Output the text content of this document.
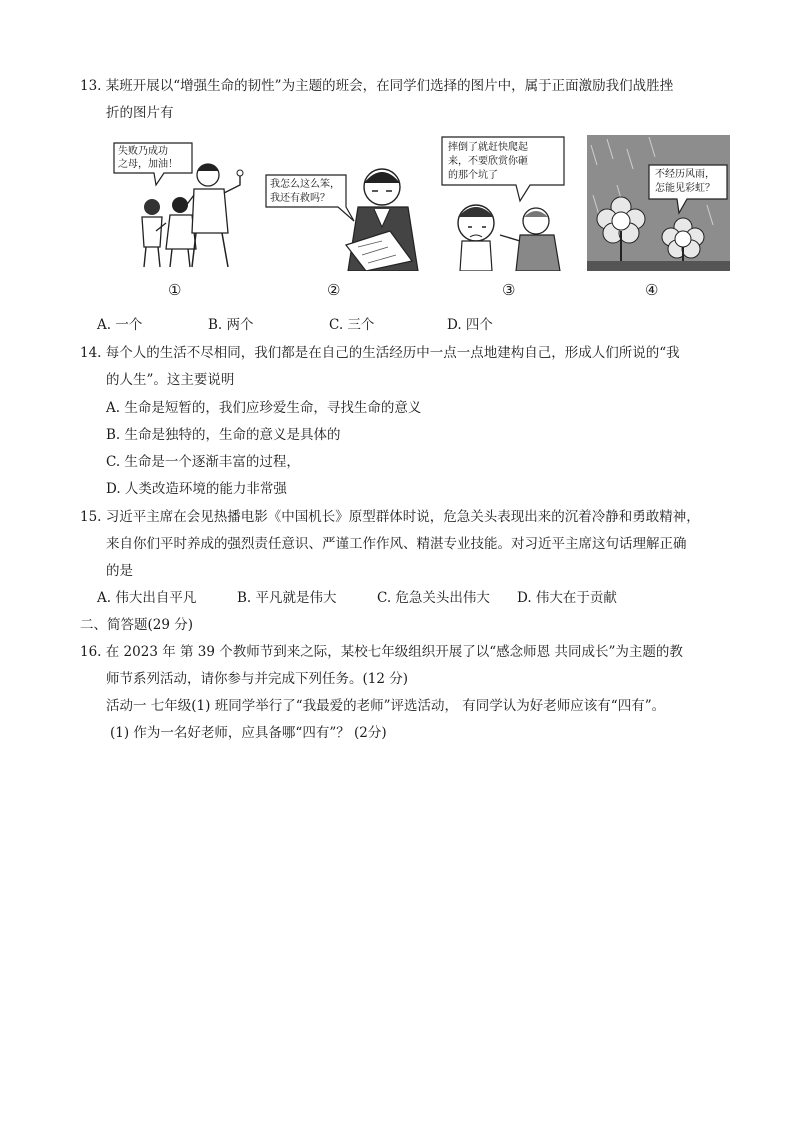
13. 某班开展以“增强生命的韧性”为主题的班会，在同学们选择的图片中，属于正面激励我们战胜挫
折的图片有
失败乃成功
之母，加油！
我怎么这么笨，
我还有救吗？
摔倒了就赶快爬起
来，不要欣赏你砸
的那个坑了	不经历风雨，
怎能见彩虹？
①	②	③	④
A. 一个	B. 两个	C. 三个	D. 四个
14. 每个人的生活不尽相同，我们都是在自己的生活经历中一点一点地建构自己，形成人们所说的“我
的人生”。这主要说明
A. 生命是短暂的，我们应珍爱生命，寻找生命的意义
B. 生命是独特的，生命的意义是具体的
C. 生命是一个逐渐丰富的过程，
D. 人类改造环境的能力非常强
15. 习近平主席在会见热播电影《中国机长》原型群体时说，危急关头表现出来的沉着冷静和勇敢精神，
来自你们平时养成的强烈责任意识、严谨工作作风、精湛专业技能。对习近平主席这句话理解正确
的是
A. 伟大出自平凡	B. 平凡就是伟大	C. 危急关头出伟大 D. 伟大在于贡献
二、简答题(29 分)
16. 在 2023 年 第 39 个教师节到来之际，某校七年级组织开展了以“感念师恩 共同成长”为主题的教
师节系列活动，请你参与并完成下列任务。(12 分)
活动一 七年级(1) 班同学举行了“我最爱的老师”评选活动， 有同学认为好老师应该有“四有”。
(1) 作为一名好老师，应具备哪“四有”？ (2分)
